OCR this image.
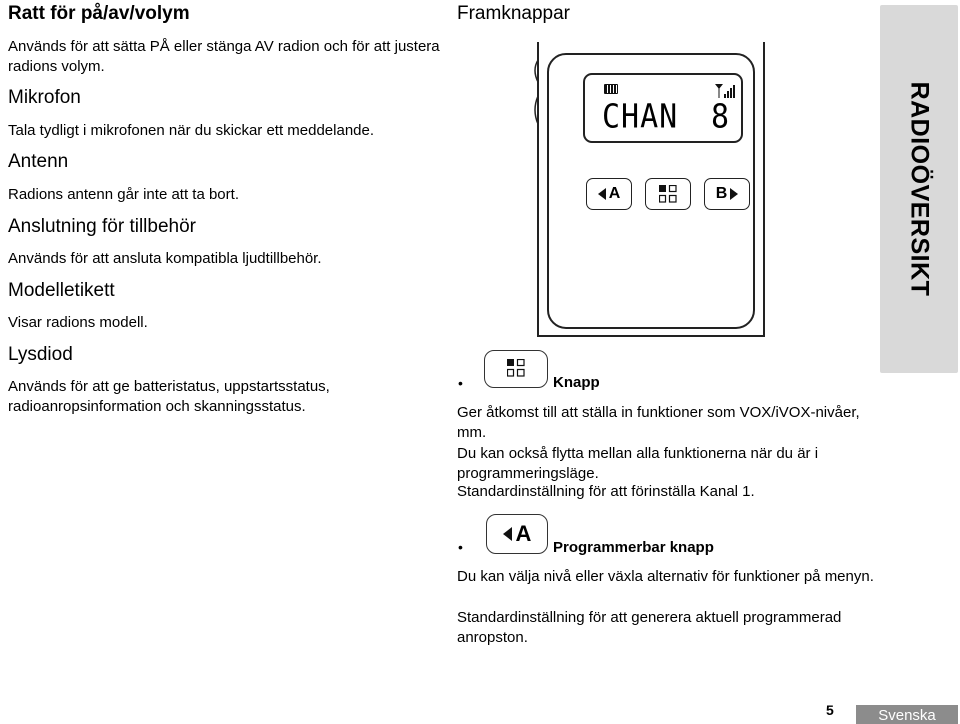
Ratt för på/av/volym
Används för att sätta PÅ eller stänga AV radion och för att justera radions volym.
Mikrofon
Tala tydligt i mikrofonen när du skickar ett meddelande.
Antenn
Radions antenn går inte att ta bort.
Anslutning för tillbehör
Används för att ansluta kompatibla ljudtillbehör.
Modelletikett
Visar radions modell.
Lysdiod
Används för att ge batteristatus, uppstartsstatus, radioanropsinformation och skanningsstatus.
Framknappar
CHAN 8
A	B
•	Knapp
Ger åtkomst till att ställa in funktioner som VOX/iVOX-nivåer, mm.
Du kan också flytta mellan alla funktionerna när du är i programmeringsläge.
Standardinställning för att förinställa Kanal 1.
•
A
Programmerbar knapp
Du kan välja nivå eller växla alternativ för funktioner på menyn.
Standardinställning för att generera aktuell programmerad anropston.
RADIOÖVERSIKT
5	Svenska
